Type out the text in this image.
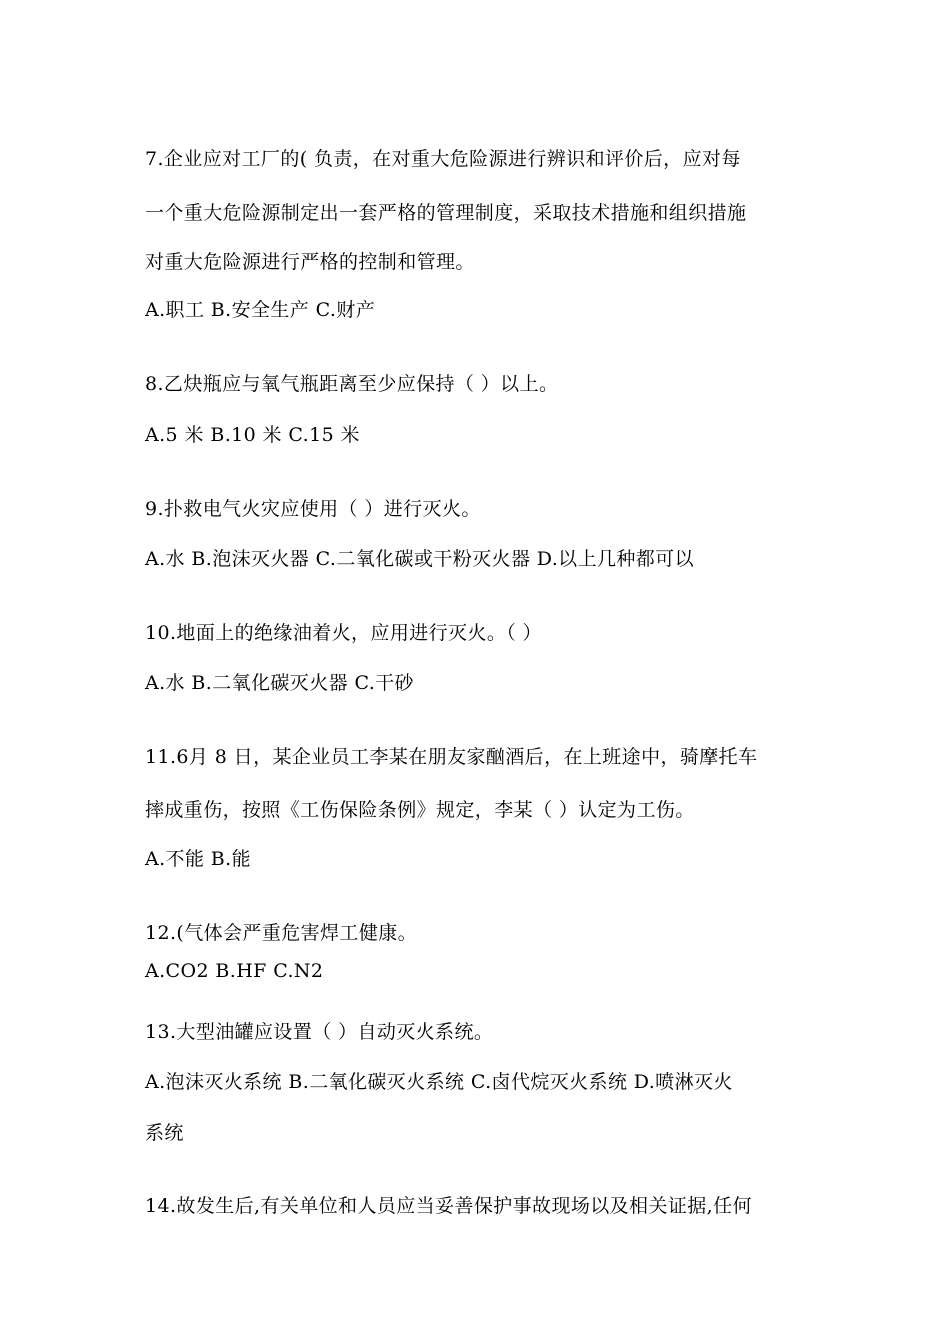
7.企业应对工厂的( 负责，在对重大危险源进行辨识和评价后，应对每
一个重大危险源制定出一套严格的管理制度，采取技术措施和组织措施
对重大危险源进行严格的控制和管理。
A.职工 B.安全生产 C.财产
8.乙炔瓶应与氧气瓶距离至少应保持（ ）以上。
A.5 米 B.10 米 C.15 米
9.扑救电气火灾应使用（ ）进行灭火。
A.水 B.泡沫灭火器 C.二氧化碳或干粉灭火器 D.以上几种都可以
10.地面上的绝缘油着火，应用进行灭火。（ ）
A.水 B.二氧化碳灭火器 C.干砂
11.6月 8 日，某企业员工李某在朋友家酗酒后，在上班途中，骑摩托车
摔成重伤，按照《工伤保险条例》规定，李某（ ）认定为工伤。
A.不能 B.能
12.(气体会严重危害焊工健康。
A.CO2 B.HF C.N2
13.大型油罐应设置（ ）自动灭火系统。
A.泡沫灭火系统 B.二氧化碳灭火系统 C.卤代烷灭火系统 D.喷淋灭火
系统
14.故发生后,有关单位和人员应当妥善保护事故现场以及相关证据,任何
